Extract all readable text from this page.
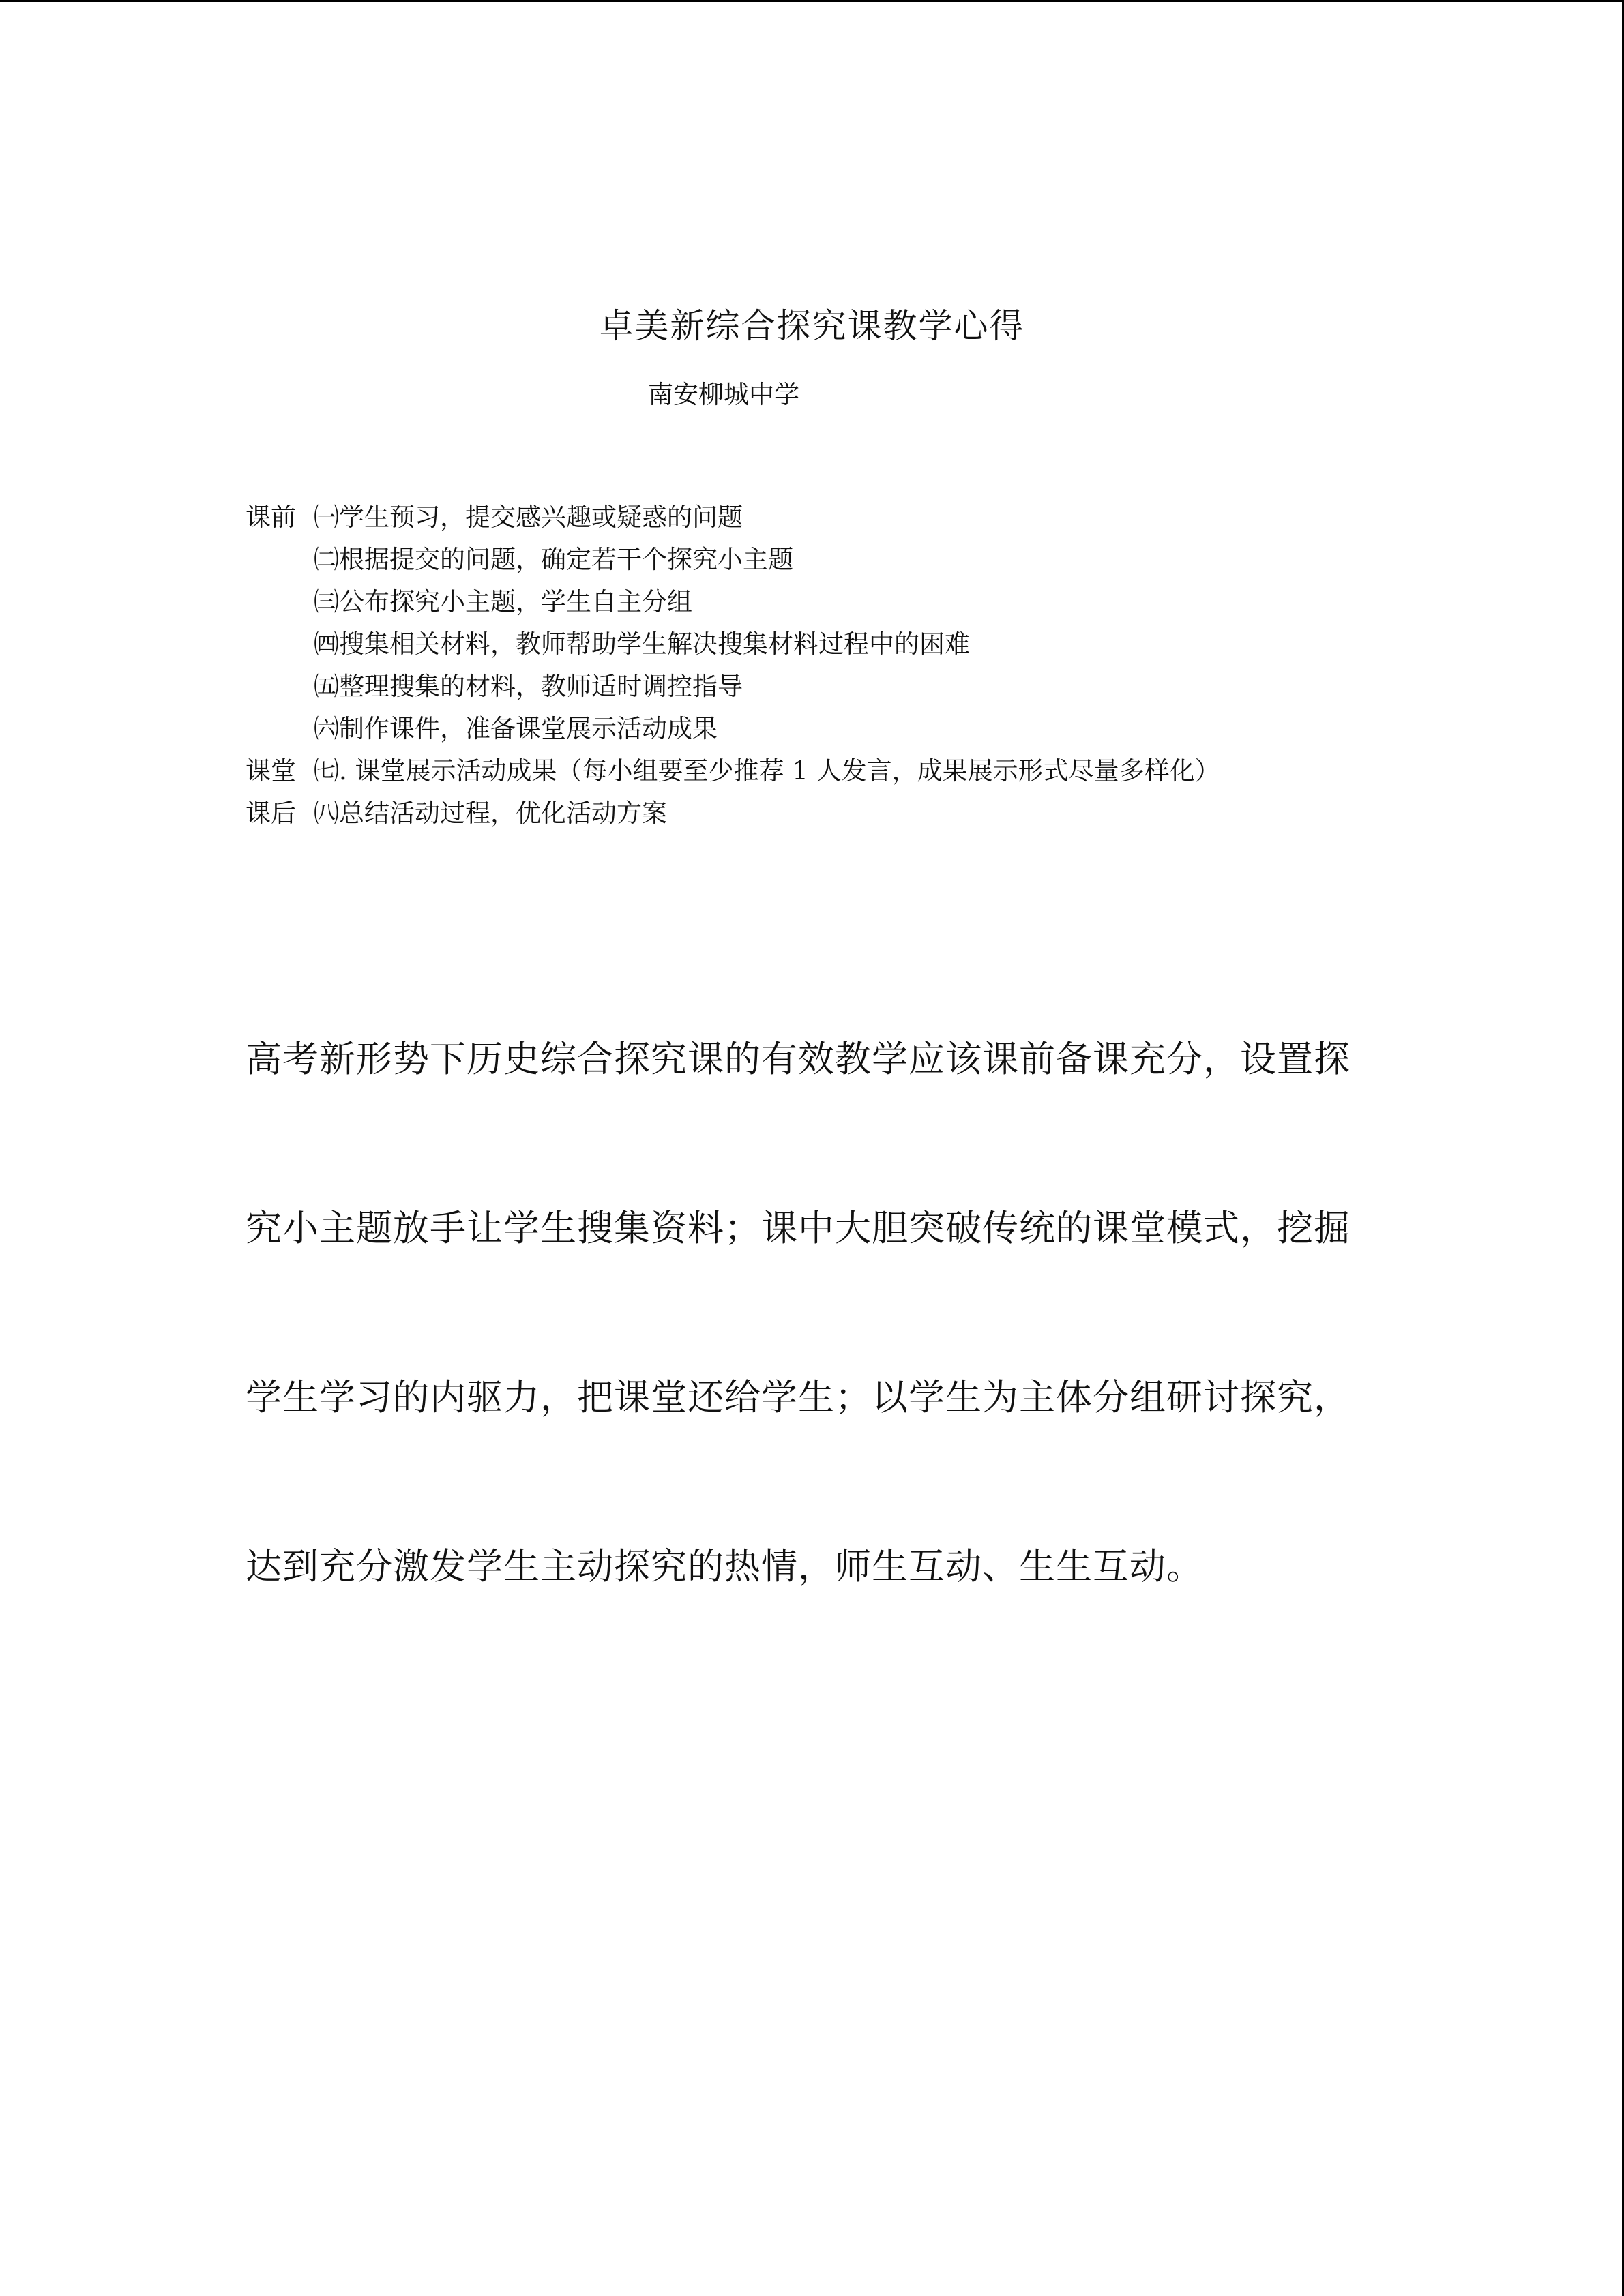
卓美新综合探究课教学心得
南安柳城中学
课前 ㈠学生预习，提交感兴趣或疑惑的问题
㈡根据提交的问题，确定若干个探究小主题
㈢公布探究小主题，学生自主分组
㈣搜集相关材料，教师帮助学生解决搜集材料过程中的困难
㈤整理搜集的材料，教师适时调控指导
㈥制作课件，准备课堂展示活动成果
课堂 ㈦. 课堂展示活动成果（每小组要至少推荐 1 人发言，成果展示形式尽量多样化）
课后 ㈧总结活动过程，优化活动方案

高考新形势下历史综合探究课的有效教学应该课前备课充分，设置探

究小主题放手让学生搜集资料；课中大胆突破传统的课堂模式，挖掘

学生学习的内驱力，把课堂还给学生；以学生为主体分组研讨探究，

达到充分激发学生主动探究的热情，师生互动、生生互动。
